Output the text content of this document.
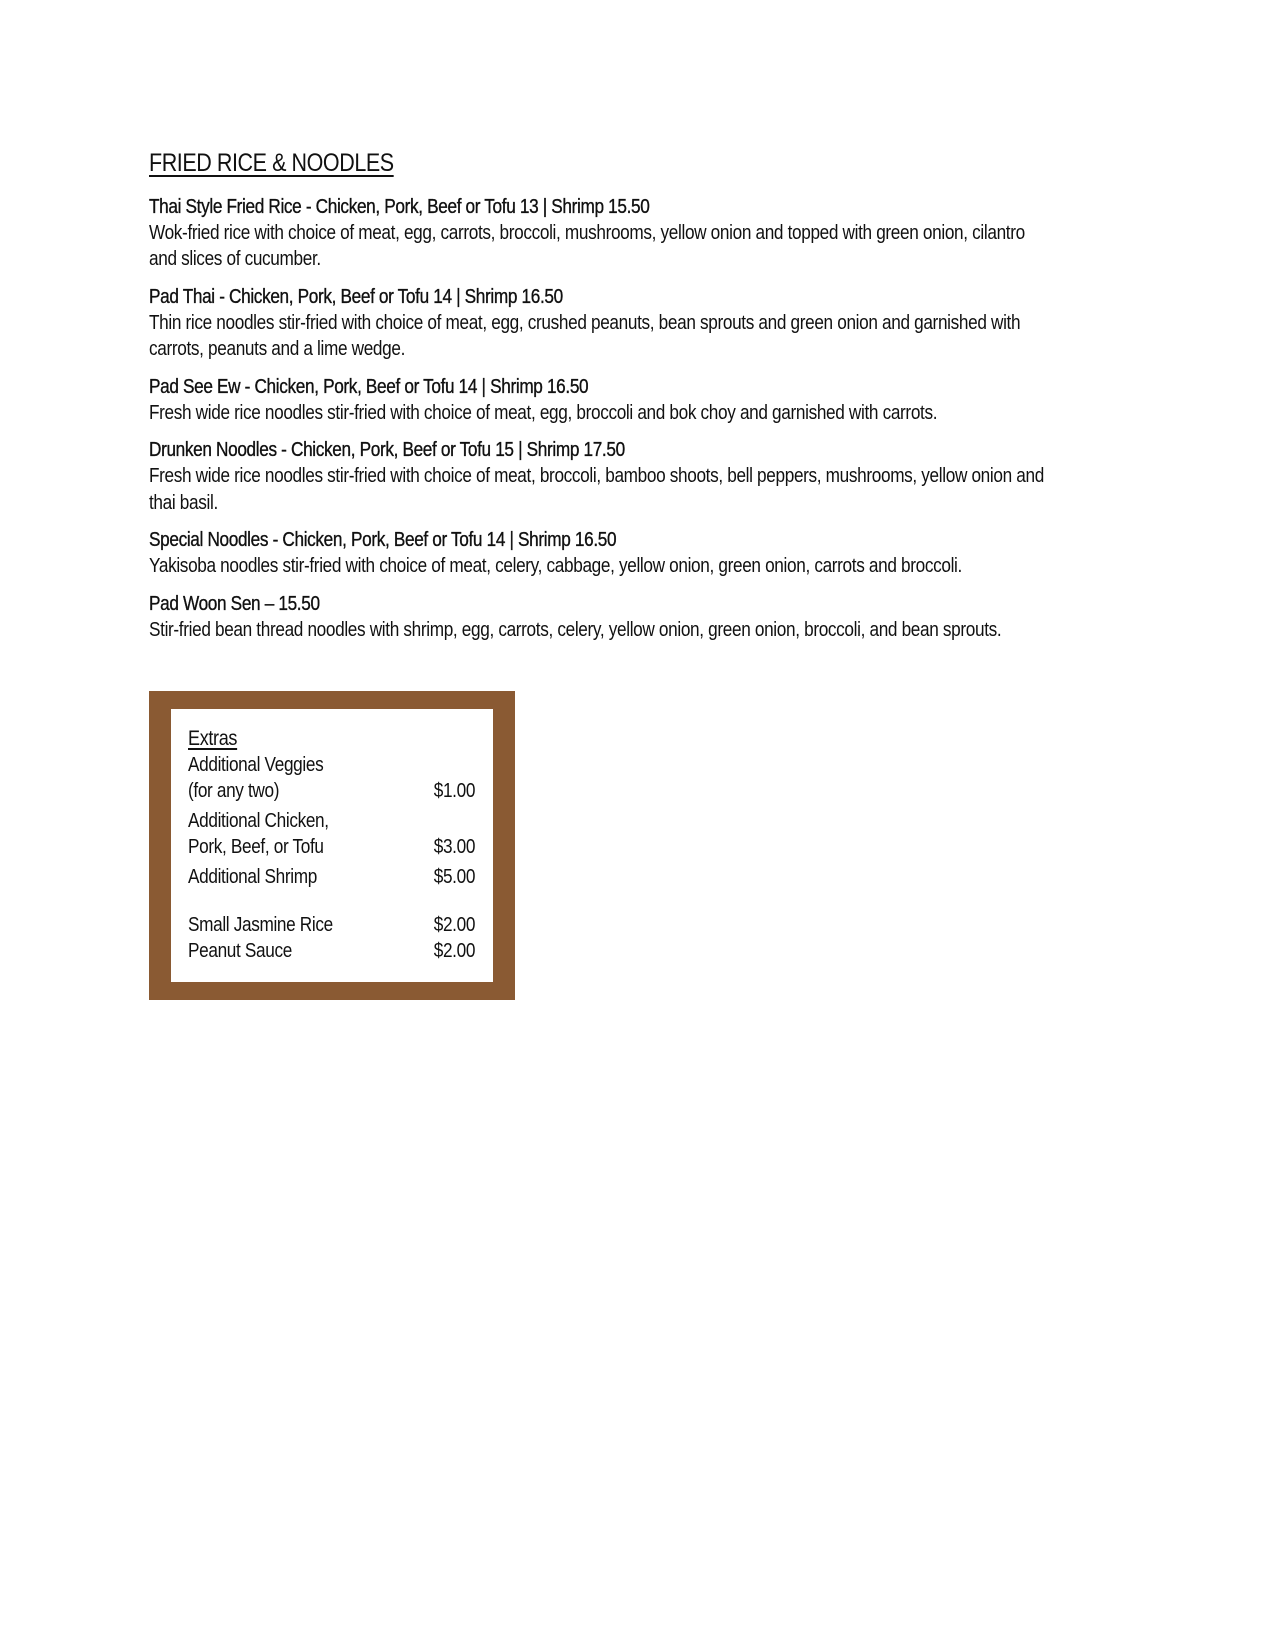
FRIED RICE & NOODLES
Thai Style Fried Rice - Chicken, Pork, Beef or Tofu 13 | Shrimp 15.50
Wok-fried rice with choice of meat, egg, carrots, broccoli, mushrooms, yellow onion and topped with green onion, cilantro
and slices of cucumber.
Pad Thai - Chicken, Pork, Beef or Tofu 14 | Shrimp 16.50
Thin rice noodles stir-fried with choice of meat, egg, crushed peanuts, bean sprouts and green onion and garnished with
carrots, peanuts and a lime wedge.
Pad See Ew - Chicken, Pork, Beef or Tofu 14 | Shrimp 16.50
Fresh wide rice noodles stir-fried with choice of meat, egg, broccoli and bok choy and garnished with carrots.
Drunken Noodles - Chicken, Pork, Beef or Tofu 15 | Shrimp 17.50
Fresh wide rice noodles stir-fried with choice of meat, broccoli, bamboo shoots, bell peppers, mushrooms, yellow onion and
thai basil.
Special Noodles - Chicken, Pork, Beef or Tofu 14 | Shrimp 16.50
Yakisoba noodles stir-fried with choice of meat, celery, cabbage, yellow onion, green onion, carrots and broccoli.
Pad Woon Sen – 15.50
Stir-fried bean thread noodles with shrimp, egg, carrots, celery, yellow onion, green onion, broccoli, and bean sprouts.
Extras
Additional Veggies
(for any two)	$1.00
Additional Chicken,
Pork, Beef, or Tofu	$3.00
Additional Shrimp	$5.00
Small Jasmine Rice	$2.00
Peanut Sauce	$2.00
